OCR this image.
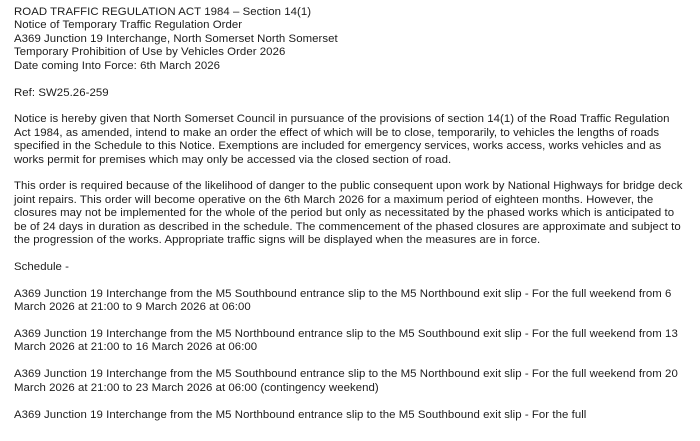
ROAD TRAFFIC REGULATION ACT 1984 – Section 14(1)
Notice of Temporary Traffic Regulation Order
A369 Junction 19 Interchange, North Somerset North Somerset
Temporary Prohibition of Use by Vehicles Order 2026
Date coming Into Force: 6th March 2026
Ref: SW25.26-259
Notice is hereby given that North Somerset Council in pursuance of the provisions of section 14(1) of the Road Traffic Regulation Act 1984, as amended, intend to make an order the effect of which will be to close, temporarily, to vehicles the lengths of roads specified in the Schedule to this Notice. Exemptions are included for emergency services, works access, works vehicles and as works permit for premises which may only be accessed via the closed section of road.
This order is required because of the likelihood of danger to the public consequent upon work by National Highways for bridge deck joint repairs. This order will become operative on the 6th March 2026 for a maximum period of eighteen months. However, the closures may not be implemented for the whole of the period but only as necessitated by the phased works which is anticipated to be of 24 days in duration as described in the schedule. The commencement of the phased closures are approximate and subject to the progression of the works. Appropriate traffic signs will be displayed when the measures are in force.
Schedule -
A369 Junction 19 Interchange from the M5 Southbound entrance slip to the M5 Northbound exit slip - For the full weekend from 6 March 2026 at 21:00 to 9 March 2026 at 06:00
A369 Junction 19 Interchange from the M5 Northbound entrance slip to the M5 Southbound exit slip - For the full weekend from 13 March 2026 at 21:00 to 16 March 2026 at 06:00
A369 Junction 19 Interchange from the M5 Southbound entrance slip to the M5 Northbound exit slip - For the full weekend from 20 March 2026 at 21:00 to 23 March 2026 at 06:00 (contingency weekend)
A369 Junction 19 Interchange from the M5 Northbound entrance slip to the M5 Southbound exit slip - For the full
